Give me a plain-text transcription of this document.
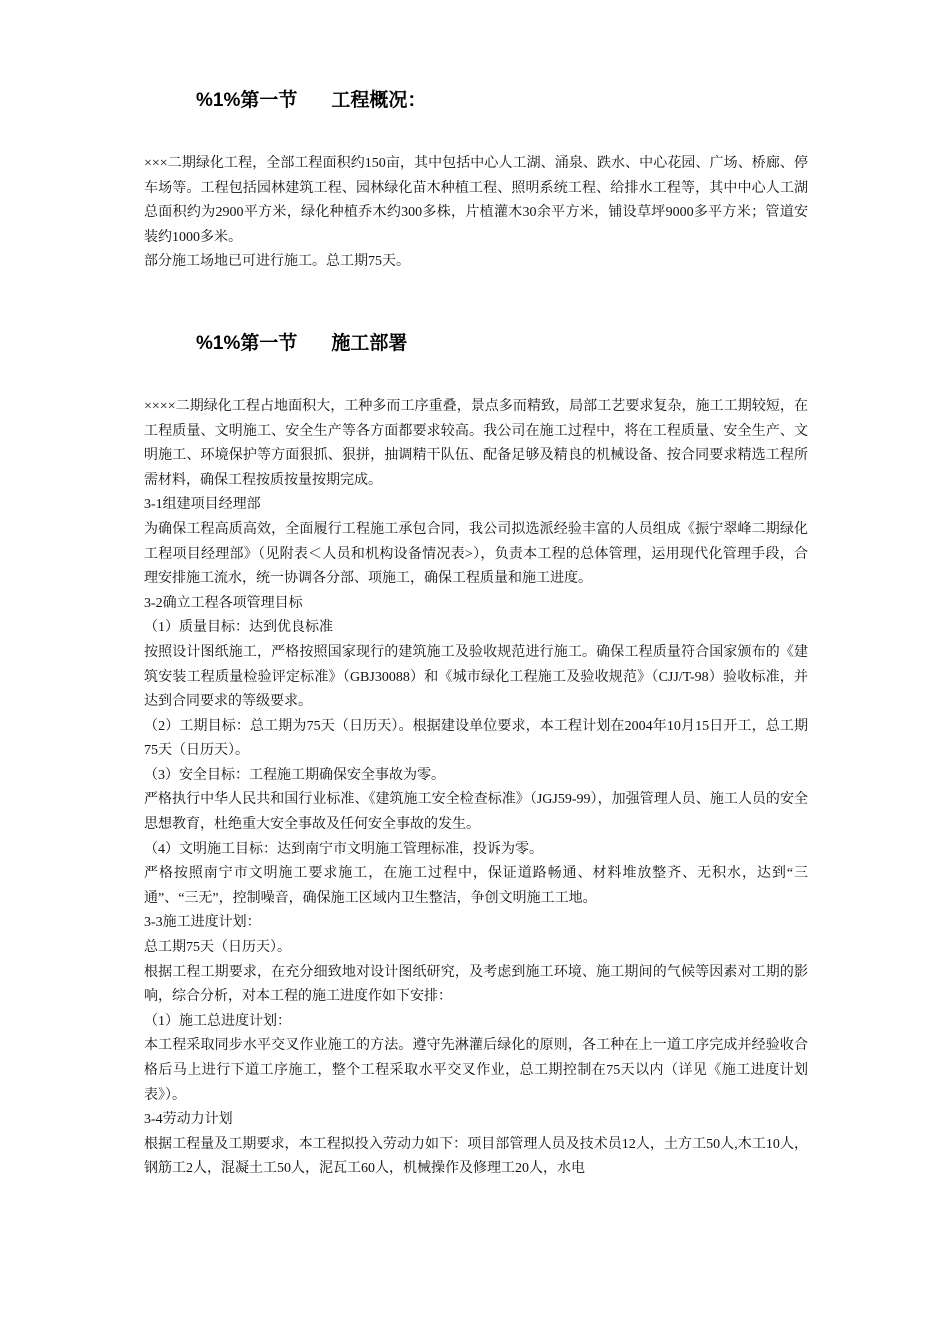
%1%第一节 工程概况：

×××二期绿化工程，全部工程面积约150亩，其中包括中心人工湖、涌泉、跌水、中心花园、广场、桥廊、停车场等。工程包括园林建筑工程、园林绿化苗木种植工程、照明系统工程、给排水工程等，其中中心人工湖总面积约为2900平方米，绿化种植乔木约300多株，片植灌木30余平方米，铺设草坪9000多平方米；管道安装约1000多米。

部分施工场地已可进行施工。总工期75天。

%1%第一节 施工部署

××××二期绿化工程占地面积大，工种多而工序重叠，景点多而精致，局部工艺要求复杂，施工工期较短，在工程质量、文明施工、安全生产等各方面都要求较高。我公司在施工过程中，将在工程质量、安全生产、文明施工、环境保护等方面狠抓、狠拼，抽调精干队伍、配备足够及精良的机械设备、按合同要求精选工程所需材料，确保工程按质按量按期完成。

3-1组建项目经理部

为确保工程高质高效，全面履行工程施工承包合同，我公司拟选派经验丰富的人员组成《振宁翠峰二期绿化工程项目经理部》（见附表＜人员和机构设备情况表>），负责本工程的总体管理，运用现代化管理手段，合理安排施工流水，统一协调各分部、项施工，确保工程质量和施工进度。

3-2确立工程各项管理目标

（1）质量目标：达到优良标准

按照设计图纸施工，严格按照国家现行的建筑施工及验收规范进行施工。确保工程质量符合国家颁布的《建筑安装工程质量检验评定标准》（GBJ30088）和《城市绿化工程施工及验收规范》（CJJ/T-98）验收标准，并达到合同要求的等级要求。

（2）工期目标：总工期为75天（日历天）。根据建设单位要求，本工程计划在2004年10月15日开工，总工期75天（日历天）。

（3）安全目标：工程施工期确保安全事故为零。

严格执行中华人民共和国行业标准、《建筑施工安全检查标准》（JGJ59-99），加强管理人员、施工人员的安全思想教育，杜绝重大安全事故及任何安全事故的发生。

（4）文明施工目标：达到南宁市文明施工管理标准，投诉为零。

严格按照南宁市文明施工要求施工，在施工过程中，保证道路畅通、材料堆放整齐、无积水，达到“三通”、“三无”，控制噪音，确保施工区域内卫生整洁，争创文明施工工地。

3-3施工进度计划：

总工期75天（日历天）。

根据工程工期要求，在充分细致地对设计图纸研究，及考虑到施工环境、施工期间的气候等因素对工期的影响，综合分析，对本工程的施工进度作如下安排：

（1）施工总进度计划：

本工程采取同步水平交叉作业施工的方法。遵守先淋灌后绿化的原则，各工种在上一道工序完成并经验收合格后马上进行下道工序施工，整个工程采取水平交叉作业，总工期控制在75天以内（详见《施工进度计划表》）。

3-4劳动力计划

根据工程量及工期要求，本工程拟投入劳动力如下：项目部管理人员及技术员12人，土方工50人,木工10人，钢筋工2人，混凝土工50人，泥瓦工60人，机械操作及修理工20人，水电
